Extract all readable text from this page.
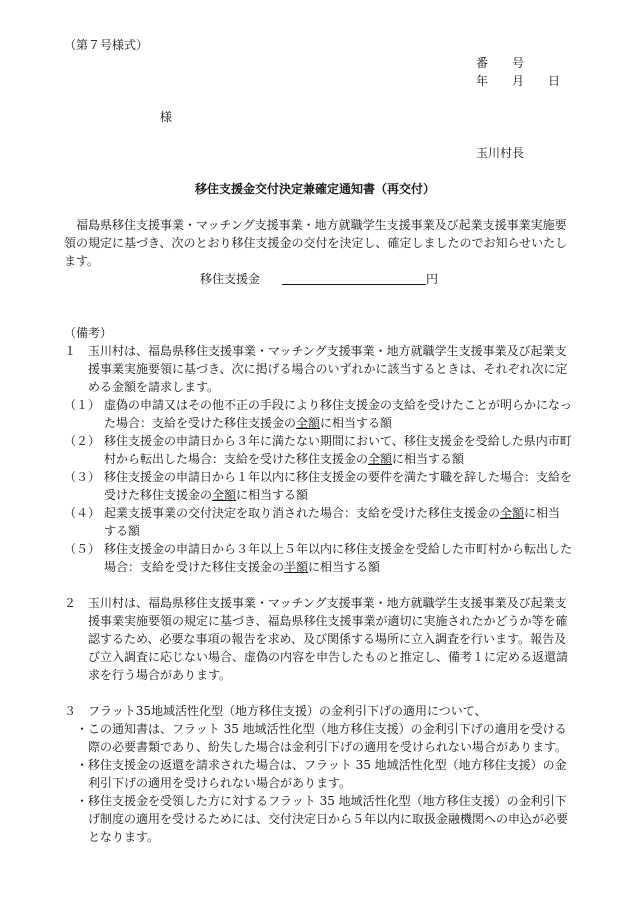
（第７号様式）
番　　号
年　　月　　日
様
玉川村長
移住支援金交付決定兼確定通知書（再交付）

福島県移住支援事業・マッチング支援事業・地方就職学生支援事業及び起業支援事業実施要領の規定に基づき、次のとおり移住支援金の交付を決定し、確定しましたのでお知らせいたします。

移住支援金	円
（備考）
１ 玉川村は、福島県移住支援事業・マッチング支援事業・地方就職学生支援事業及び起業支援事業実施要領に基づき、次に掲げる場合のいずれかに該当するときは、それぞれ次に定める金額を請求します。
（１） 虚偽の申請又はその他不正の手段により移住支援金の支給を受けたことが明らかになった場合：支給を受けた移住支援金の全額に相当する額
（２） 移住支援金の申請日から３年に満たない期間において、移住支援金を受給した県内市町村から転出した場合：支給を受けた移住支援金の全額に相当する額
（３） 移住支援金の申請日から１年以内に移住支援金の要件を満たす職を辞した場合：支給を受けた移住支援金の全額に相当する額
（４） 起業支援事業の交付決定を取り消された場合：支給を受けた移住支援金の全額に相当する額
（５） 移住支援金の申請日から３年以上５年以内に移住支援金を受給した市町村から転出した場合：支給を受けた移住支援金の半額に相当する額
２ 玉川村は、福島県移住支援事業・マッチング支援事業・地方就職学生支援事業及び起業支援事業実施要領の規定に基づき、福島県移住支援事業が適切に実施されたかどうか等を確認するため、必要な事項の報告を求め、及び関係する場所に立入調査を行います。報告及び立入調査に応じない場合、虚偽の内容を申告したものと推定し、備考１に定める返還請求を行う場合があります。
３ フラット35地域活性化型（地方移住支援）の金利引下げの適用について、
・ この通知書は、フラット 35 地域活性化型（地方移住支援）の金利引下げの適用を受ける際の必要書類であり、紛失した場合は金利引下げの適用を受けられない場合があります。
・ 移住支援金の返還を請求された場合は、フラット 35 地域活性化型（地方移住支援）の金利引下げの適用を受けられない場合があります。
・ 移住支援金を受領した方に対するフラット 35 地域活性化型（地方移住支援）の金利引下げ制度の適用を受けるためには、交付決定日から５年以内に取扱金融機関への申込が必要となります。
